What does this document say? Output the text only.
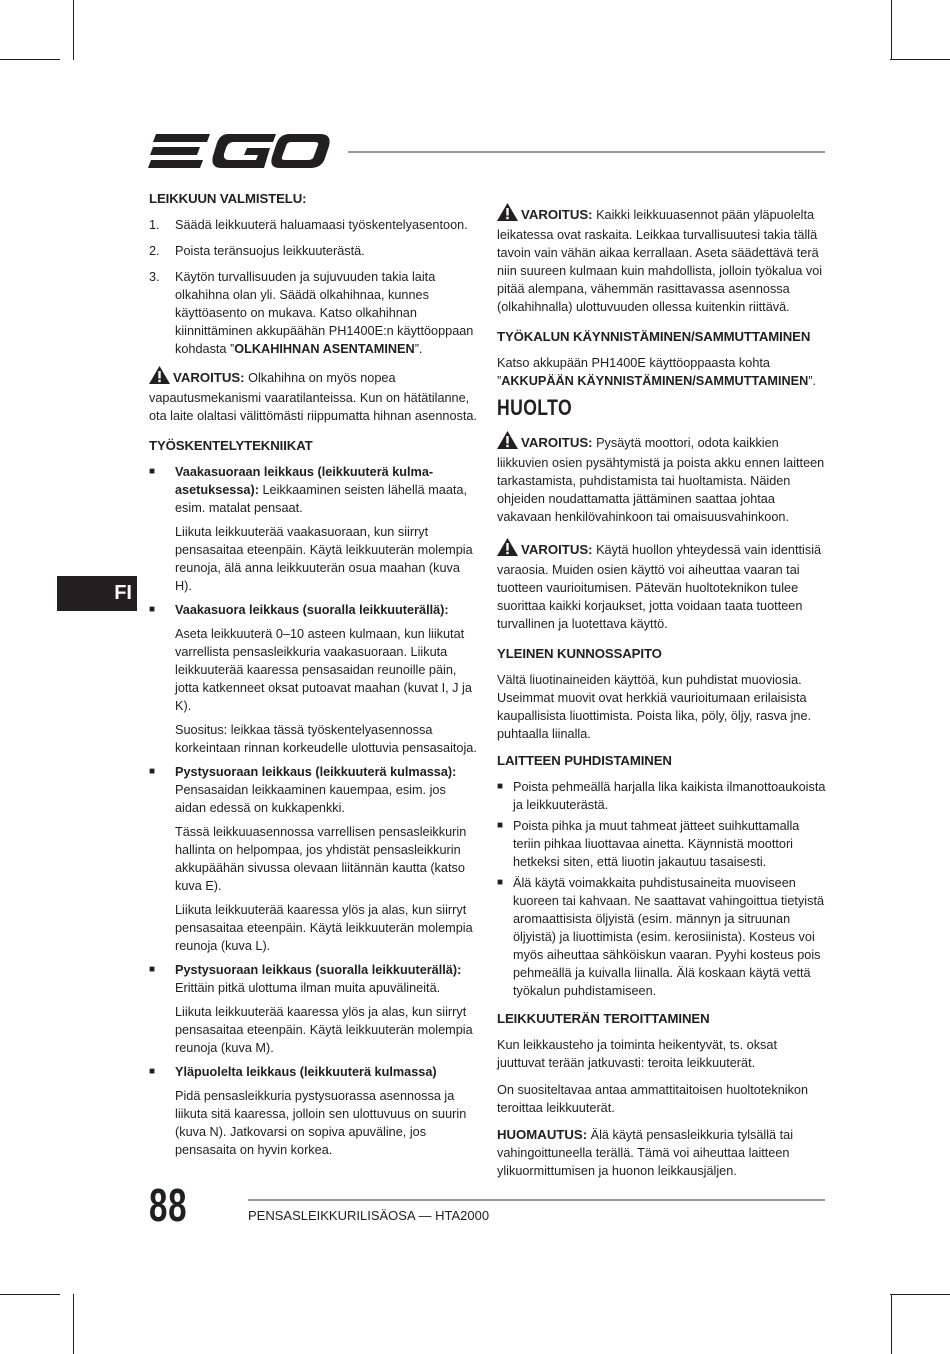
FI
LEIKKUUN VALMISTELU:
1.	Säädä leikkuuterä haluamaasi työskentelyasentoon.
2.	Poista teränsuojus leikkuuterästä.
3.	Käytön turvallisuuden ja sujuvuuden takia laita olkahihna olan yli. Säädä olkahihnaa, kunnes käyttöasento on mukava. Katso olkahihnan kiinnittäminen akkupäähän PH1400E:n käyttöoppaan kohdasta ”OLKAHIHNAN ASENTAMINEN”.
VAROITUS: Olkahihna on myös nopea vapautusmekanismi vaaratilanteissa. Kun on hätätilanne, ota laite olaltasi välittömästi riippumatta hihnan asennosta.
TYÖSKENTELYTEKNIIKAT
■	Vaakasuoraan leikkaus (leikkuuterä kulma-asetuksessa): Leikkaaminen seisten lähellä maata, esim. matalat pensaat.
Liikuta leikkuuterää vaakasuoraan, kun siirryt pensasaitaa eteenpäin. Käytä leikkuuterän molempia reunoja, älä anna leikkuuterän osua maahan (kuva H).
■	Vaakasuora leikkaus (suoralla leikkuuterällä):
Aseta leikkuuterä 0–10 asteen kulmaan, kun liikutat varrellista pensasleikkuria vaakasuoraan. Liikuta leikkuuterää kaaressa pensasaidan reunoille päin, jotta katkenneet oksat putoavat maahan (kuvat I, J ja K).
Suositus: leikkaa tässä työskentelyasennossa korkeintaan rinnan korkeudelle ulottuvia pensasaitoja.
■	Pystysuoraan leikkaus (leikkuuterä kulmassa): Pensasaidan leikkaaminen kauempaa, esim. jos aidan edessä on kukkapenkki.
Tässä leikkuuasennossa varrellisen pensasleikkurin hallinta on helpompaa, jos yhdistät pensasleikkurin akkupäähän sivussa olevaan liitännän kautta (katso kuva E).
Liikuta leikkuuterää kaaressa ylös ja alas, kun siirryt pensasaitaa eteenpäin. Käytä leikkuuterän molempia reunoja (kuva L).
■	Pystysuoraan leikkaus (suoralla leikkuuterällä): Erittäin pitkä ulottuma ilman muita apuvälineitä.
Liikuta leikkuuterää kaaressa ylös ja alas, kun siirryt pensasaitaa eteenpäin. Käytä leikkuuterän molempia reunoja (kuva M).
■	Yläpuolelta leikkaus (leikkuuterä kulmassa)
Pidä pensasleikkuria pystysuorassa asennossa ja liikuta sitä kaaressa, jolloin sen ulottuvuus on suurin (kuva N). Jatkovarsi on sopiva apuväline, jos pensasaita on hyvin korkea.
VAROITUS: Kaikki leikkuuasennot pään yläpuolelta leikatessa ovat raskaita. Leikkaa turvallisuutesi takia tällä tavoin vain vähän aikaa kerrallaan. Aseta säädettävä terä niin suureen kulmaan kuin mahdollista, jolloin työkalua voi pitää alempana, vähemmän rasittavassa asennossa (olkahihnalla) ulottuvuuden ollessa kuitenkin riittävä.
TYÖKALUN KÄYNNISTÄMINEN/SAMMUTTAMINEN
Katso akkupään PH1400E käyttöoppaasta kohta ”AKKUPÄÄN KÄYNNISTÄMINEN/SAMMUTTAMINEN”.
HUOLTO
VAROITUS: Pysäytä moottori, odota kaikkien liikkuvien osien pysähtymistä ja poista akku ennen laitteen tarkastamista, puhdistamista tai huoltamista. Näiden ohjeiden noudattamatta jättäminen saattaa johtaa vakavaan henkilövahinkoon tai omaisuusvahinkoon.
VAROITUS: Käytä huollon yhteydessä vain identtisiä varaosia. Muiden osien käyttö voi aiheuttaa vaaran tai tuotteen vaurioitumisen. Pätevän huoltoteknikon tulee suorittaa kaikki korjaukset, jotta voidaan taata tuotteen turvallinen ja luotettava käyttö.
YLEINEN KUNNOSSAPITO
Vältä liuotinaineiden käyttöä, kun puhdistat muoviosia. Useimmat muovit ovat herkkiä vaurioitumaan erilaisista kaupallisista liuottimista. Poista lika, pöly, öljy, rasva jne. puhtaalla liinalla.
LAITTEEN PUHDISTAMINEN
■ Poista pehmeällä harjalla lika kaikista ilmanottoaukoista ja leikkuuterästä.
■ Poista pihka ja muut tahmeat jätteet suihkuttamalla teriin pihkaa liuottavaa ainetta. Käynnistä moottori hetkeksi siten, että liuotin jakautuu tasaisesti.
■ Älä käytä voimakkaita puhdistusaineita muoviseen kuoreen tai kahvaan. Ne saattavat vahingoittua tietyistä aromaattisista öljyistä (esim. männyn ja sitruunan öljyistä) ja liuottimista (esim. kerosiinista). Kosteus voi myös aiheuttaa sähköiskun vaaran. Pyyhi kosteus pois pehmeällä ja kuivalla liinalla. Älä koskaan käytä vettä työkalun puhdistamiseen.
LEIKKUUTERÄN TEROITTAMINEN
Kun leikkausteho ja toiminta heikentyvät, ts. oksat juuttuvat terään jatkuvasti: teroita leikkuuterät.
On suositeltavaa antaa ammattitaitoisen huoltoteknikon teroittaa leikkuuterät.
HUOMAUTUS: Älä käytä pensasleikkuria tylsällä tai vahingoittuneella terällä. Tämä voi aiheuttaa laitteen ylikuormittumisen ja huonon leikkausjäljen.
88	PENSASLEIKKURILISÄOSA — HTA2000
